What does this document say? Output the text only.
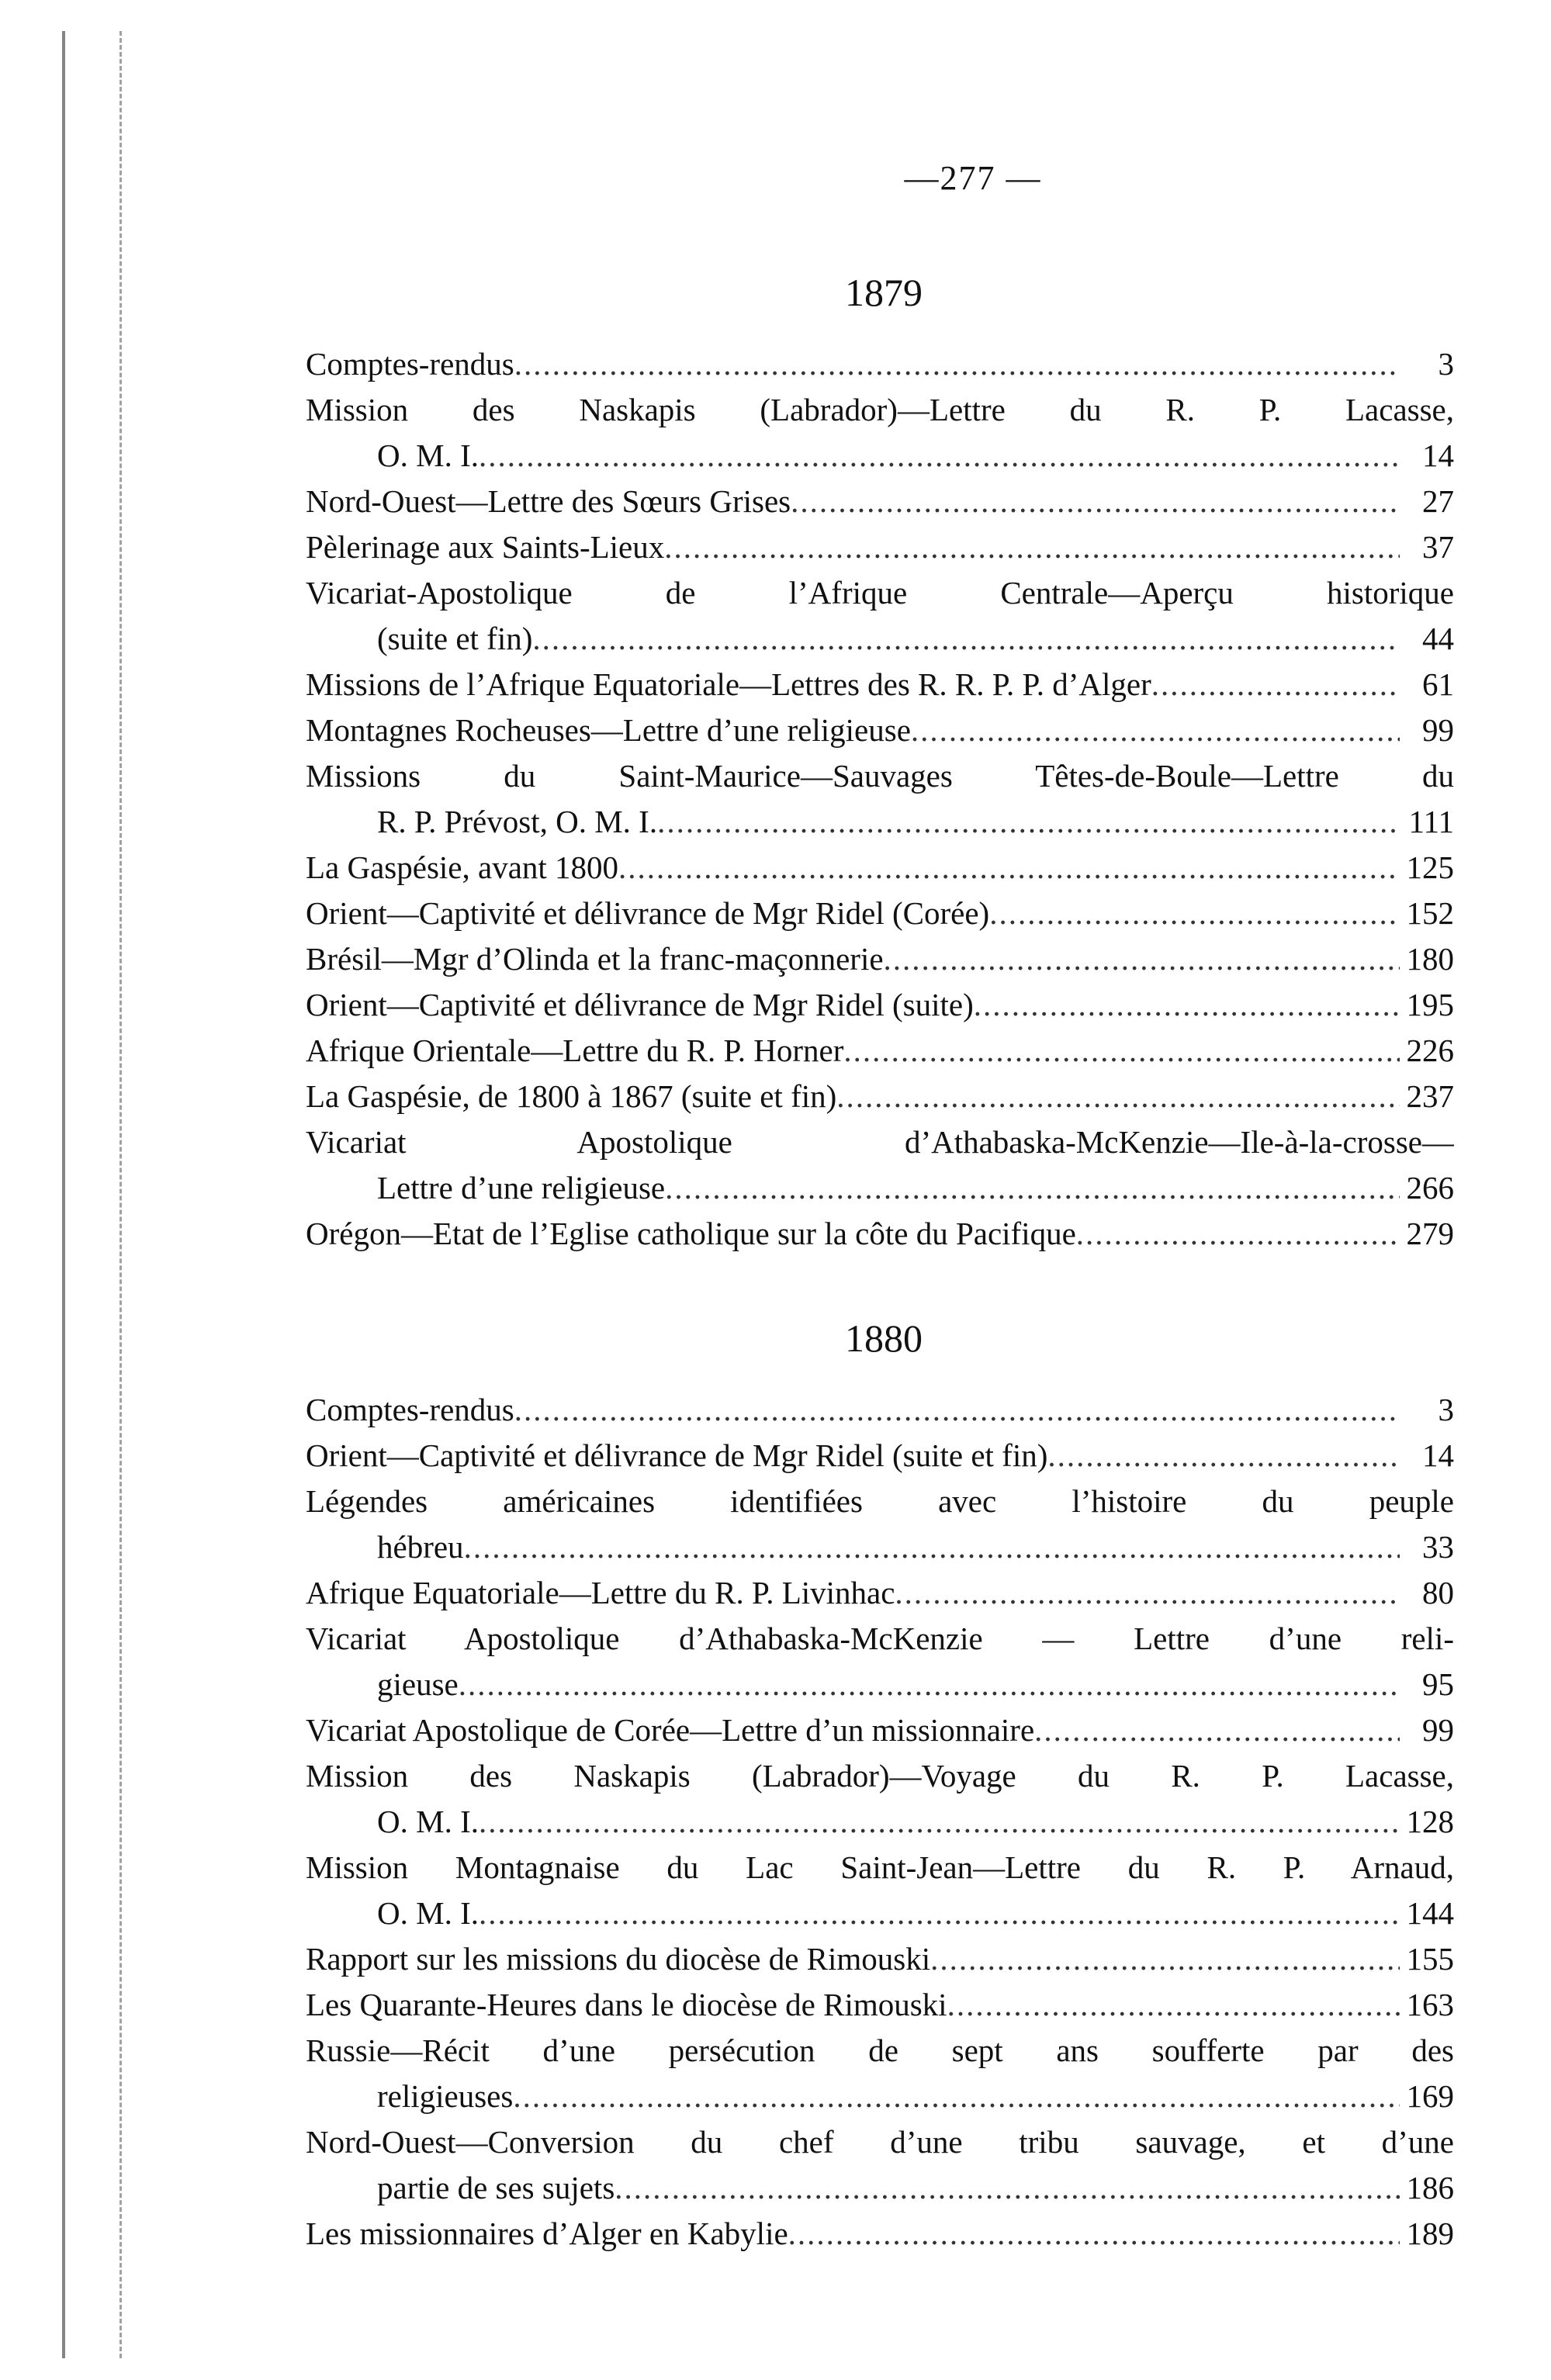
—277 —
1879
Comptes-rendus .....	3
Mission des Naskapis (Labrador)—Lettre du R. P. Lacasse,
O. M. I. .....	14
Nord-Ouest—Lettre des Sœurs Grises .....	27
Pèlerinage aux Saints-Lieux .....	37
Vicariat-Apostolique de l’Afrique Centrale—Aperçu historique
(suite et fin) .....	44
Missions de l’Afrique Equatoriale—Lettres des R. R. P. P. d’Alger .....	61
Montagnes Rocheuses—Lettre d’une religieuse .....	99
Missions du Saint-Maurice—Sauvages Têtes-de-Boule—Lettre du
R. P. Prévost, O. M. I. .....	111
La Gaspésie, avant 1800 .....	125
Orient—Captivité et délivrance de Mgr Ridel (Corée) .....	152
Brésil—Mgr d’Olinda et la franc-maçonnerie .....	180
Orient—Captivité et délivrance de Mgr Ridel (suite) .....	195
Afrique Orientale—Lettre du R. P. Horner .....	226
La Gaspésie, de 1800 à 1867 (suite et fin) .....	237
Vicariat Apostolique d’Athabaska-McKenzie—Ile-à-la-crosse—
Lettre d’une religieuse .....	266
Orégon—Etat de l’Eglise catholique sur la côte du Pacifique .....	279
1880
Comptes-rendus .....	3
Orient—Captivité et délivrance de Mgr Ridel (suite et fin) .....	14
Légendes américaines identifiées avec l’histoire du peuple
hébreu .....	33
Afrique Equatoriale—Lettre du R. P. Livinhac .....	80
Vicariat Apostolique d’Athabaska-McKenzie — Lettre d’une reli-
gieuse .....	95
Vicariat Apostolique de Corée—Lettre d’un missionnaire .....	99
Mission des Naskapis (Labrador)—Voyage du R. P. Lacasse,
O. M. I. .....	128
Mission Montagnaise du Lac Saint-Jean—Lettre du R. P. Arnaud,
O. M. I. .....	144
Rapport sur les missions du diocèse de Rimouski .....	155
Les Quarante-Heures dans le diocèse de Rimouski .....	163
Russie—Récit d’une persécution de sept ans soufferte par des
religieuses .....	169
Nord-Ouest—Conversion du chef d’une tribu sauvage, et d’une
partie de ses sujets .....	186
Les missionnaires d’Alger en Kabylie .....	189
